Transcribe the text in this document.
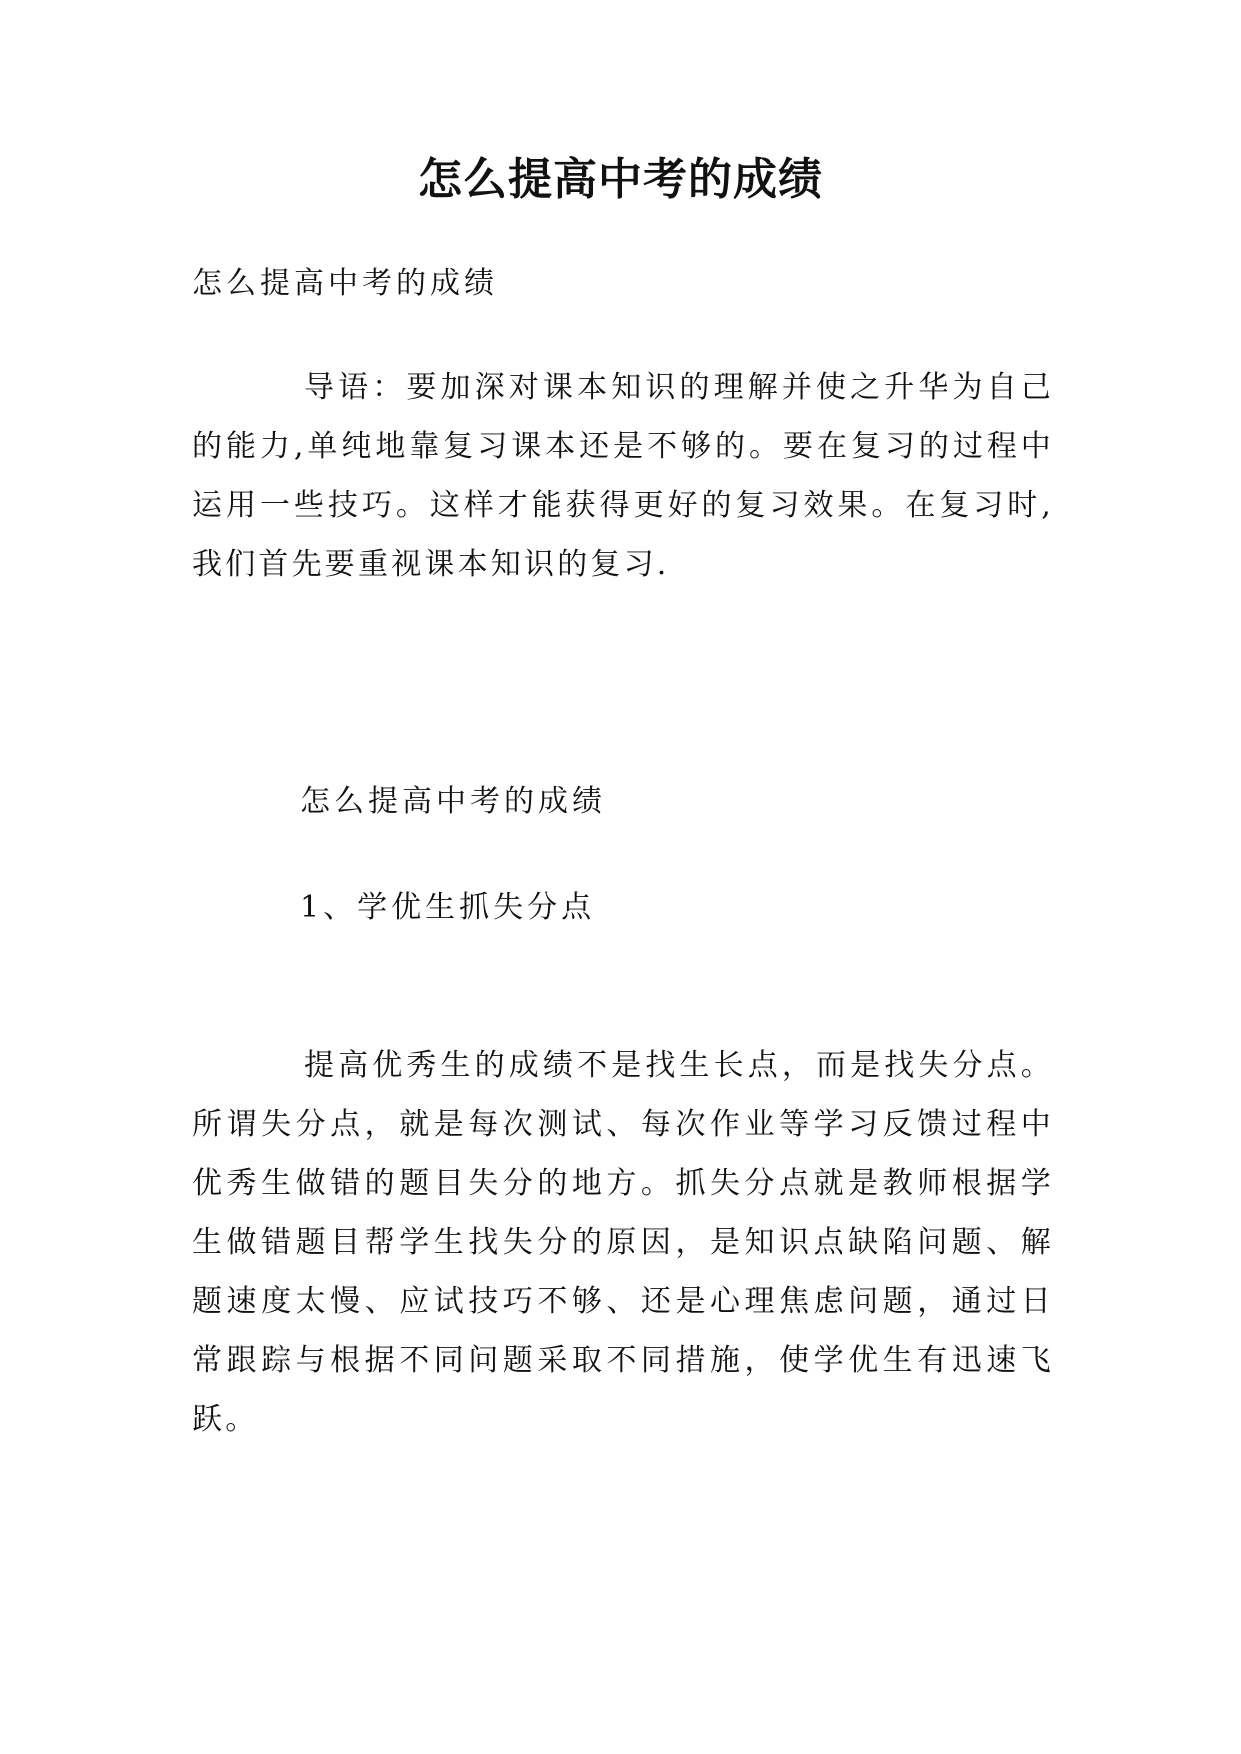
怎么提高中考的成绩
怎么提高中考的成绩
导语：要加深对课本知识的理解并使之升华为自己的能力,单纯地靠复习课本还是不够的。要在复习的过程中运用一些技巧。这样才能获得更好的复习效果。在复习时,我们首先要重视课本知识的复习.
怎么提高中考的成绩
1、学优生抓失分点
提高优秀生的成绩不是找生长点，而是找失分点。所谓失分点，就是每次测试、每次作业等学习反馈过程中优秀生做错的题目失分的地方。抓失分点就是教师根据学生做错题目帮学生找失分的原因，是知识点缺陷问题、解题速度太慢、应试技巧不够、还是心理焦虑问题，通过日常跟踪与根据不同问题采取不同措施，使学优生有迅速飞跃。
